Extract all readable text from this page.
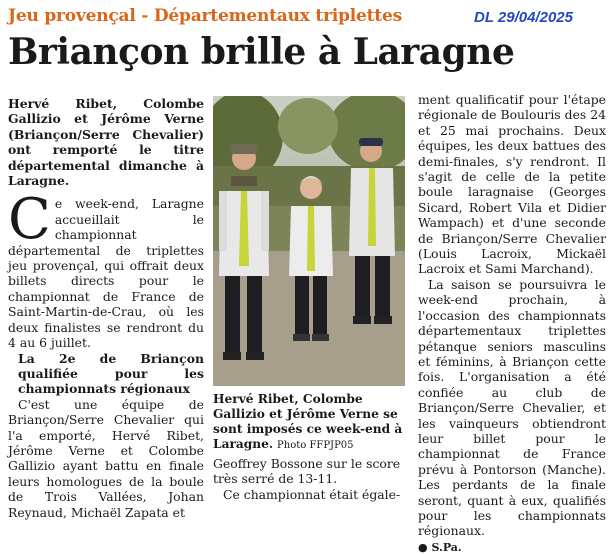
Jeu provençal - Départementaux triplettes	DL 29/04/2025
Briançon brille à Laragne

Hervé Ribet, Colombe Gallizio et Jérôme Verne (Briançon/Serre Chevalier) ont remporté le titre départemental dimanche à Laragne.

C e week-end, Laragne accueillait le championnat départemental de triplettes jeu provençal, qui offrait deux billets directs pour le championnat de France de Saint-Martin-de-Crau, où les deux finalistes se rendront du 4 au 6 juillet.

La 2e de Briançon qualifiée pour les championnats régionaux

C'est une équipe de Briançon/Serre Chevalier qui l'a emporté, Hervé Ribet, Jérôme Verne et Colombe Gallizio ayant battu en finale leurs homologues de la boule de Trois Vallées, Johan Reynaud, Michaël Zapata et

Hervé Ribet, Colombe Gallizio et Jérôme Verne se sont imposés ce week-end à Laragne. Photo FFPJP05

Geoffrey Bossone sur le score très serré de 13-11.

Ce championnat était égale-

ment qualificatif pour l'étape régionale de Boulouris des 24 et 25 mai prochains. Deux équipes, les deux battues des demi-finales, s'y rendront. Il s'agit de celle de la petite boule laragnaise (Georges Sicard, Robert Vila et Didier Wampach) et d'une seconde de Briançon/Serre Chevalier (Louis Lacroix, Mickaël Lacroix et Sami Marchand).

La saison se poursuivra le week-end prochain, à l'occasion des championnats départementaux triplettes pétanque seniors masculins et féminins, à Briançon cette fois. L'organisation a été confiée au club de Briançon/Serre Chevalier, et les vainqueurs obtiendront leur billet pour le championnat de France prévu à Pontorson (Manche). Les perdants de la finale seront, quant à eux, qualifiés pour les championnats régionaux.

● S.Pa.
